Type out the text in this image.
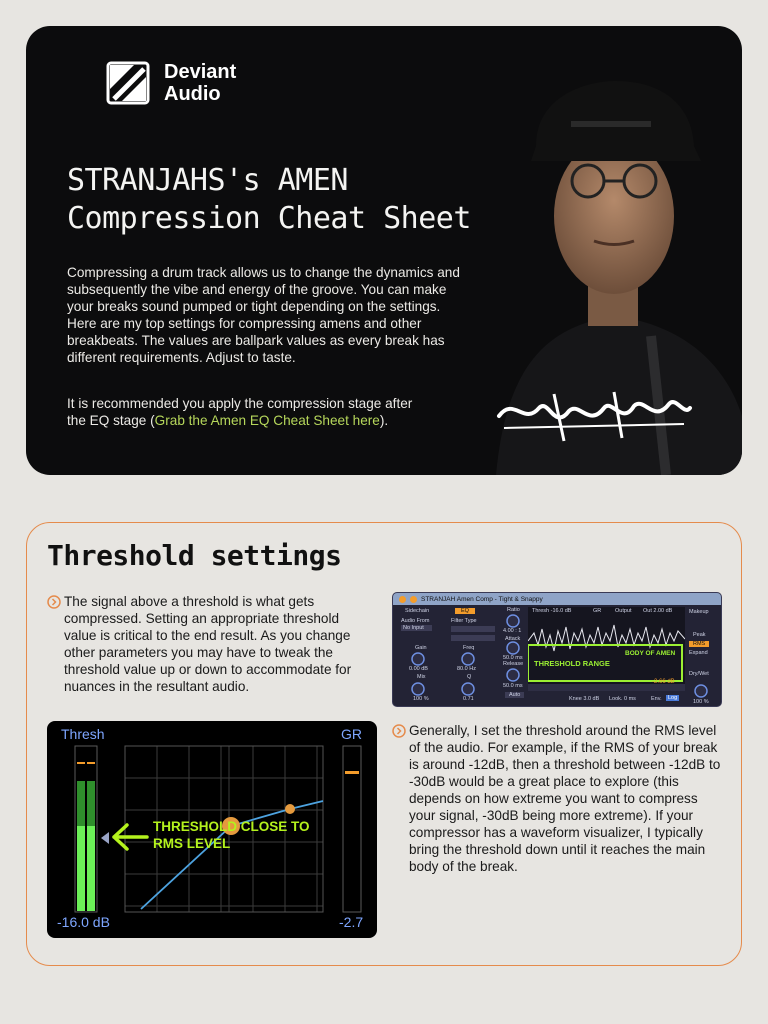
Deviant
Audio
STRANJAHS's AMEN
Compression Cheat Sheet

Compressing a drum track allows us to change the dynamics and subsequently the vibe and energy of the groove. You can make your breaks sound pumped or tight depending on the settings. Here are my top settings for compressing amens and other breakbeats. The values are ballpark values as every break has different requirements. Adjust to taste.

It is recommended you apply the compression stage after the EQ stage (Grab the Amen EQ Cheat Sheet here).

Threshold settings

The signal above a threshold is what gets compressed. Setting an appropriate threshold value is critical to the end result. As you change other parameters you may have to tweak the threshold value up or down to accommodate for nuances in the resultant audio.

STRANJAH Amen Comp - Tight & Snappy
Sidechain	EQ
Audio From
No Input
Filter Type
Ratio
4.00 : 1
Attack
50.0 ms
Release
50.0 ms
Auto
Gain
0.00 dB
Freq
80.0 Hz
Mix
100 %
Q
0.71
Thresh -16.0 dB	GR	Output Out 2.00 dB
THRESHOLD RANGE
BODY OF AMEN
-2.66 dB
Knee 3.0 dB Look. 0 ms	Env.	Log
Makeup
Peak
RMS
Expand
Dry/Wet
100 %

Generally, I set the threshold around the RMS level of the audio. For example, if the RMS of your break is around -12dB, then a threshold between -12dB to -30dB would be a great place to explore (this depends on how extreme you want to compress your signal, -30dB being more extreme). If your compressor has a waveform visualizer, I typically bring the threshold down until it reaches the main body of the break.

Thresh	GR
-16.0 dB	-2.7
THRESHOLD CLOSE TO
RMS LEVEL
